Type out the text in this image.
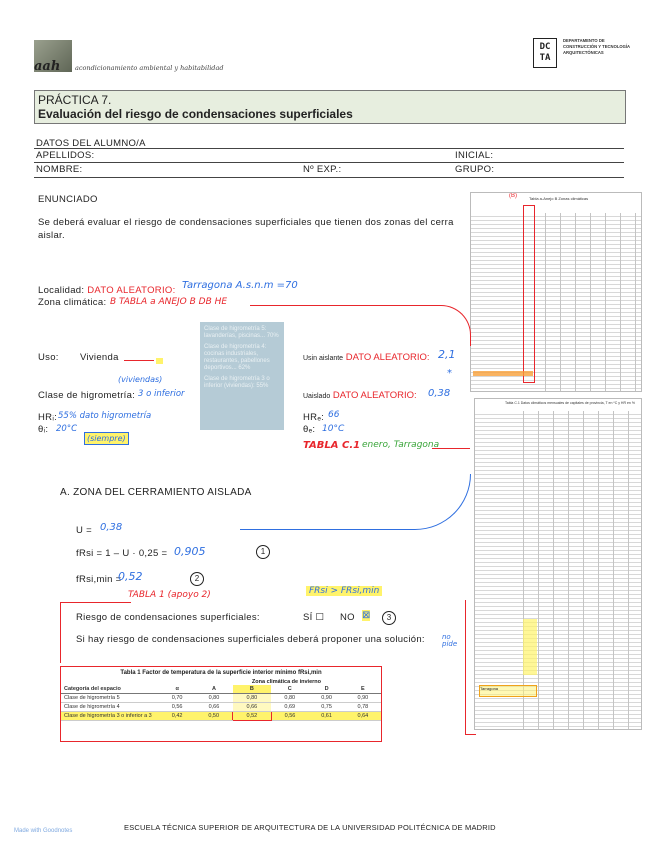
aah acondicionamiento ambiental y habitabilidad
DC TA
DEPARTAMENTO DE CONSTRUCCIÓN Y TECNOLOGÍA ARQUITECTÓNICAS
PRÁCTICA 7.
Evaluación del riesgo de condensaciones superficiales
DATOS DEL ALUMNO/A
APELLIDOS:	INICIAL:
NOMBRE:	Nº EXP.:	GRUPO:
ENUNCIADO
Se deberá evaluar el riesgo de condensaciones superficiales que tienen dos zonas del cerra aislar.
Tabla a-Anejo B Zonas climáticas
(B)
Localidad: DATO ALEATORIO: Tarragona A.s.n.m =70
Zona climática: B TABLA a ANEJO B DB HE
Clase de higrometría 5: lavanderías, piscinas... 70%
Clase de higrometría 4: cocinas industriales, restaurantes, pabellones deportivos... 62%
Clase de higrometría 3 o inferior (viviendas): 55%
Uso: Vivienda
(viviendas)
Clase de higrometría: 3 o inferior
HRᵢ: 55% dato higrometría
θᵢ: 20°C
(siempre)
Usin aislante DATO ALEATORIO: 2,1
*
Uaislado DATO ALEATORIO: 0,38
HRₑ: 66
θₑ: 10°C
TABLA C.1 enero, Tarragona
Tabla C.1 Datos climáticos mensuales de capitales de provincia, T en ºC y HR en %
Tarragona
A. ZONA DEL CERRAMIENTO AISLADA
U = 0,38
fRsi = 1 – U · 0,25 = 0,905	1
fRsi,min =
0,52	2
TABLA 1 (apoyo 2)	FRsi > FRsi,min
Riesgo de condensaciones superficiales:	SÍ ☐ NO ⊠	3
Si hay riesgo de condensaciones superficiales deberá proponer una solución: no pide
Tabla 1 Factor de temperatura de la superficie interior mínimo fRsi,min
Zona climática de invierno
Categoría del espacio	α	A	B	C	D	E
Clase de higrometría 5	0,70	0,80	0,80	0,80	0,90	0,90
Clase de higrometría 4	0,56	0,66	0,66	0,69	0,75	0,78
Clase de higrometría 3 o inferior a 3	0,42	0,50	0,52	0,56	0,61	0,64
Made with Goodnotes	ESCUELA TÉCNICA SUPERIOR DE ARQUITECTURA DE LA UNIVERSIDAD POLITÉCNICA DE MADRID
